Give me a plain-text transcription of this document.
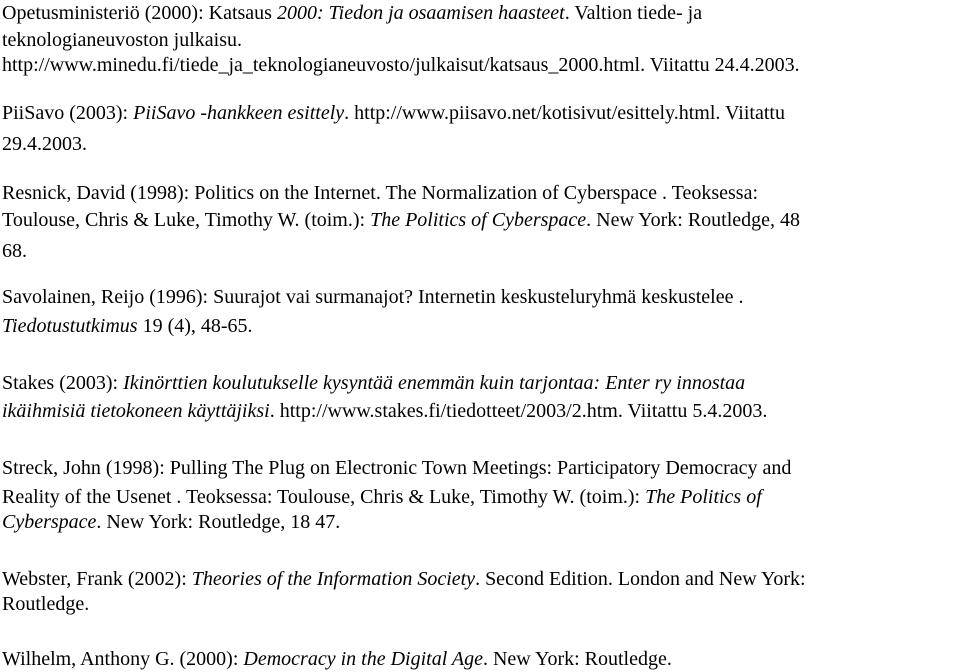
Opetusministeriö (2000): Katsaus 2000: Tiedon ja osaamisen haasteet. Valtion tiede- ja
teknologianeuvoston julkaisu.
http://www.minedu.fi/tiede_ja_teknologianeuvosto/julkaisut/katsaus_2000.html. Viitattu 24.4.2003.
PiiSavo (2003): PiiSavo -hankkeen esittely. http://www.piisavo.net/kotisivut/esittely.html. Viitattu
29.4.2003.
Resnick, David (1998): Politics on the Internet. The Normalization of Cyberspace . Teoksessa:
Toulouse, Chris & Luke, Timothy W. (toim.): The Politics of Cyberspace. New York: Routledge, 48
68.
Savolainen, Reijo (1996): Suurajot vai surmanajot? Internetin keskusteluryhmä keskustelee .
Tiedotustutkimus 19 (4), 48-65.
Stakes (2003): Ikinörttien koulutukselle kysyntää enemmän kuin tarjontaa: Enter ry innostaa
ikäihmisiä tietokoneen käyttäjiksi. http://www.stakes.fi/tiedotteet/2003/2.htm. Viitattu 5.4.2003.
Streck, John (1998): Pulling The Plug on Electronic Town Meetings: Participatory Democracy and
Reality of the Usenet . Teoksessa: Toulouse, Chris & Luke, Timothy W. (toim.): The Politics of
Cyberspace. New York: Routledge, 18 47.
Webster, Frank (2002): Theories of the Information Society. Second Edition. London and New York:
Routledge.
Wilhelm, Anthony G. (2000): Democracy in the Digital Age. New York: Routledge.
